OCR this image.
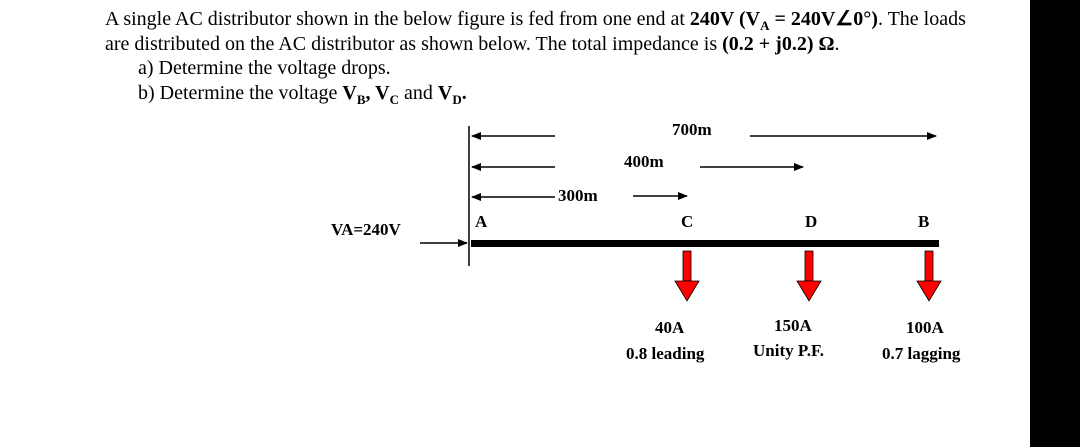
A single AC distributor shown in the below figure is fed from one end at 240V ($V_A$ = 240V∠0°). The loads
are distributed on the AC distributor as shown below. The total impedance is (0.2 + j0.2) Ω.
a) Determine the voltage drops.
b) Determine the voltage $V_B$, $V_C$ and $V_D$.
700m
400m
300m
VA=240V	A	C	D	B
40A
0.8 leading
150A
Unity P.F.
100A
0.7 lagging
